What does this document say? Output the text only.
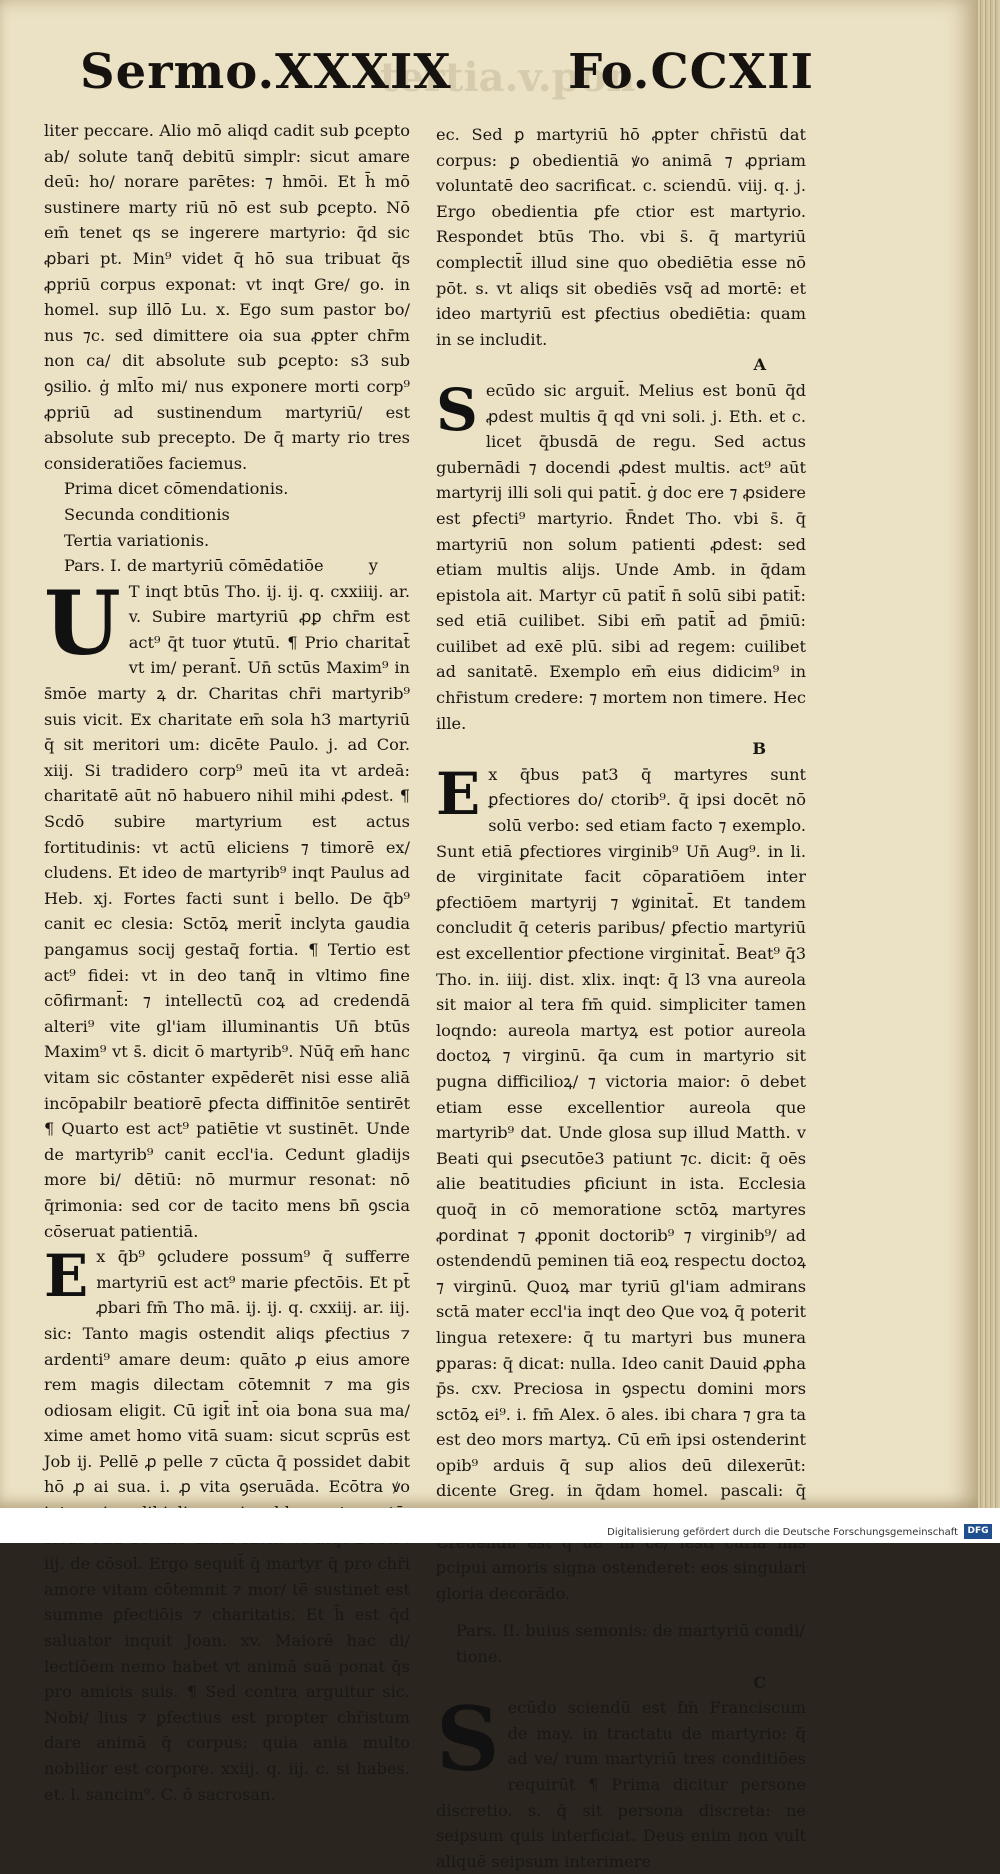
tertia.v.pon
Sermo.XXXIX Fo.CCXII

liter peccare. Alio mō aliqd cadit sub ꝑcepto ab/ solute tanq̄ debitū simplr: sicut amare deū: ho/ norare parētes: ⁊ hmōi. Et h̄ mō sustinere marty riū nō est sub ꝑcepto. Nō em̄ tenet qs se ingerere martyrio: q̄d sic ꝓbari pt. Min⁹ videt q̄ hō sua tribuat q̄s ꝓpriū corpus exponat: vt inqt Gre/ go. in homel. sup illō Lu. x. Ego sum pastor bo/ nus ⁊c. sed dimittere oia sua ꝓpter chr̄m non ca/ dit absolute sub ꝑcepto: s3 sub ꝯsilio. ġ mlt̄o mi/ nus exponere morti corp⁹ ꝓpriū ad sustinendum martyriū/ est absolute sub precepto. De q̄ marty rio tres consideratiões faciemus.

Prima dicet cōmendationis.

Secunda conditionis

Tertia variationis.

Pars. I. de martyriū cōmēdatiōe	y

U T inqt btūs Tho. ij. ij. q. cxxiiij. ar. v. Subire martyriū ꝓꝑ chr̄m est act⁹ q̄t tuor ꝟtutū. ¶ Prio charitat̄ vt im/ perant̄. Un̄ sctūs Maxim⁹ in s̄mōe marty ꝝ dr. Charitas chr̄i martyrib⁹ suis vicit. Ex charitate em̄ sola h3 martyriū q̄ sit meritori um: dicēte Paulo. j. ad Cor. xiij. Si tradidero corp⁹ meū ita vt ardeā: charitatē aūt nō habuero nihil mihi ꝓdest. ¶ Scdō subire martyrium est actus fortitudinis: vt actū eliciens ⁊ timorē ex/ cludens. Et ideo de martyrib⁹ inqt Paulus ad Heb. xj. Fortes facti sunt i bello. De q̄b⁹ canit ec clesia: Sctōꝝ merit̄ inclyta gaudia pangamus socij gestaq̄ fortia. ¶ Tertio est act⁹ fidei: vt in deo tanq̄ in vltimo fine cōfirmant̄: ⁊ intellectū coꝝ ad credendā alteri⁹ vite gl'iam illuminantis Un̄ btūs Maxim⁹ vt s̄. dicit ō martyrib⁹. Nūq̄ em̄ hanc vitam sic cōstanter expēderēt nisi esse aliā incōpabilr beatiorē ꝑfecta diffinitōe sentirēt ¶ Quarto est act⁹ patiētie vt sustinēt. Unde de martyrib⁹ canit eccl'ia. Cedunt gladijs more bi/ dētiū: nō murmur resonat: nō q̄rimonia: sed cor de tacito mens bn̄ ꝯscia cōseruat patientiā.

E x q̄b⁹ ꝯcludere possum⁹ q̄ sufferre martyriū est act⁹ marie ꝑfectōis. Et pt̄ ꝓbari fm̄ Tho mā. ij. ij. q. cxxiij. ar. iij. sic: Tanto magis ostendit aliqs ꝑfectius ⁊ ardenti⁹ amare deum: quāto ꝓ eius amore rem magis dilectam cōtemnit ⁊ ma gis odiosam eligit. Cū igit̄ int̄ oia bona sua ma/ xime amet homo vitā suam: sicut scprūs est Job ij. Pellē ꝓ pelle ⁊ cūcta q̄ possidet dabit hō ꝓ ai sua. i. ꝓ vita ꝯseruāda. Ecōtra ꝟo iij. de cōsol. Ergo sequit̄ q̄ martyr q̄ pro chr̄i amore vitam cōtemnit ⁊ mor/ tē sustinet est summe ꝑfectiōis ⁊ charitatis. Et h̄ est q̄d saluator inquit Joan. xv. Maiorē hac di/ lectiōem nemo habet vt animā suā ponat q̄s pro amicis suis. ¶ Sed contra arguitur sic. Nobi/ lius ⁊ ꝑfectius est propter chr̄istum dare animā q̄ corpus: quia ania multo nobilior est corpore. xxiij. q. iij. c. si habes. et. l. sancim⁹. C. ō sacrosan.

ec. Sed ꝑ martyriū hō ꝓpter chr̄istū dat corpus: ꝑ obedientiā ꝟo animā ⁊ ꝓpriam voluntatē deo sacrificat. c. sciendū. viij. q. j. Ergo obedientia ꝑfe ctior est martyrio. Respondet btūs Tho. vbi s̄. q̄ martyriū complectit̄ illud sine quo obediētia esse nō pōt. s. vt aliqs sit obediēs vsq̄ ad mortē: et ideo martyriū est ꝑfectius obediētia: quam in se includit.

A

S ecūdo sic arguit̄. Melius est bonū q̄d ꝓdest multis q̄ qd vni soli. j. Eth. et c. licet q̄busdā de regu. Sed actus gubernādi ⁊ docendi ꝓdest multis. act⁹ aūt martyrij illi soli qui patit̄. ġ doc ere ⁊ ꝓsidere est ꝑfecti⁹ martyrio. R̄ndet Tho. vbi s̄. q̄ martyriū non solum patienti ꝓdest: sed etiam multis alijs. Unde Amb. in q̄dam epistola ait. Martyr cū patit̄ n̄ solū sibi patit̄: sed etiā cuilibet. Sibi em̄ patit̄ ad p̄miū: cuilibet ad exē plū. sibi ad regem: cuilibet ad sanitatē. Exemplo em̄ eius didicim⁹ in chr̄istum credere: ⁊ mortem non timere. Hec ille.

B

E x q̄bus pat3 q̄ martyres sunt ꝑfectiores do/ ctorib⁹. q̄ ipsi docēt nō solū verbo: sed etiam facto ⁊ exemplo. Sunt etiā ꝑfectiores virginib⁹ Un̄ Aug⁹. in li. de virginitate facit cōparatiōem inter ꝑfectiōem martyrij ⁊ ꝟginitat̄. Et tandem concludit q̄ ceteris paribus/ ꝑfectio martyriū est excellentior ꝑfectione virginitat̄. Beat⁹ q̄3 Tho. in. iiij. dist. xlix. inqt: q̄ l3 vna aureola sit maior al tera fm̄ quid. simpliciter tamen loqndo: aureola martyꝝ est potior aureola doctoꝝ ⁊ virginū. q̄a cum in martyrio sit pugna difficilioꝝ/ ⁊ victoria maior: ō debet etiam esse excellentior aureola que martyrib⁹ dat. Unde glosa sup illud Matth. v Beati qui ꝑsecutōe3 patiunt ⁊c. dicit: q̄ oēs alie beatitudies ꝑficiunt in ista. Ecclesia quoq̄ in cō memoratione sctōꝝ martyres ꝓordinat ⁊ ꝓponit doctorib⁹ ⁊ virginib⁹/ ad ostendendū peminen tiā eoꝝ respectu doctoꝝ ⁊ virginū. Quoꝝ mar tyriū gl'iam admirans sctā mater eccl'ia inqt deo Que voꝝ q̄ poterit lingua retexere: q̄ tu martyri bus munera ꝑparas: q̄ dicat: nulla. Ideo canit Dauid ꝓpha p̄s. cxv. Preciosa in ꝯspectu domini mors sctōꝝ ei⁹. i. fm̄ Alex. ō ales. ibi chara ⁊ gra ta est deo mors martyꝝ. Cū em̄ ipsi ostenderint opib⁹ arduis q̄ sup alios deū dilexerūt: dicente Greg. in q̄dam homel. pascali: q̄ ꝑcipui amoris signa ostenderet: eos singulari gloria decorādo.

Pars. II. buius semonis: de martyriū condi/ tione.

C

S ecūdo sciendū est fm̄ Franciscum de may. in tractatu de martyrio: q̄ ad ve/ rum martyriū tres conditiōes requirūt ¶ Prima dicitur persone discretio. s. q̄ sit persona discreta: ne seipsum quis interficiat. Deus enim non vult aliquē seipsum interimere

Digitalisierung gefördert durch die Deutsche Forschungsgemeinschaft	DFG
